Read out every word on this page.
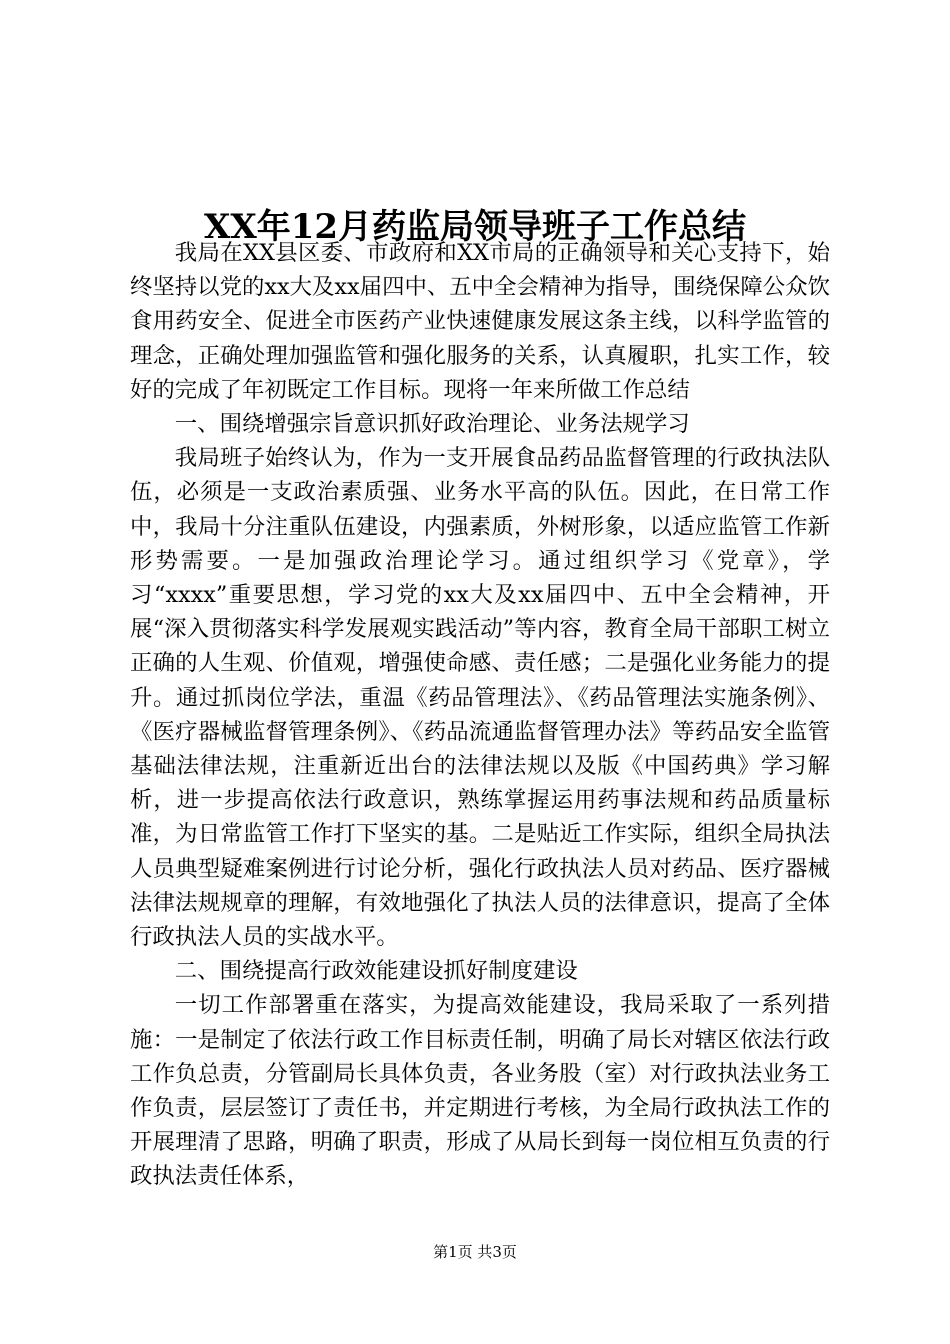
XX年12月药监局领导班子工作总结

我局在XX县区委、市政府和XX市局的正确领导和关心支持下，始终坚持以党的xx大及xx届四中、五中全会精神为指导，围绕保障公众饮食用药安全、促进全市医药产业快速健康发展这条主线，以科学监管的理念，正确处理加强监管和强化服务的关系，认真履职，扎实工作，较好的完成了年初既定工作目标。现将一年来所做工作总结

一、围绕增强宗旨意识抓好政治理论、业务法规学习

我局班子始终认为，作为一支开展食品药品监督管理的行政执法队伍，必须是一支政治素质强、业务水平高的队伍。因此，在日常工作中，我局十分注重队伍建设，内强素质，外树形象，以适应监管工作新形势需要。一是加强政治理论学习。通过组织学习《党章》，学习“xxxx”重要思想，学习党的xx大及xx届四中、五中全会精神，开展“深入贯彻落实科学发展观实践活动”等内容，教育全局干部职工树立正确的人生观、价值观，增强使命感、责任感；二是强化业务能力的提升。通过抓岗位学法，重温《药品管理法》、《药品管理法实施条例》、《医疗器械监督管理条例》、《药品流通监督管理办法》等药品安全监管基础法律法规，注重新近出台的法律法规以及版《中国药典》学习解析，进一步提高依法行政意识，熟练掌握运用药事法规和药品质量标准，为日常监管工作打下坚实的基。二是贴近工作实际，组织全局执法人员典型疑难案例进行讨论分析，强化行政执法人员对药品、医疗器械法律法规规章的理解，有效地强化了执法人员的法律意识，提高了全体行政执法人员的实战水平。

二、围绕提高行政效能建设抓好制度建设

一切工作部署重在落实，为提高效能建设，我局采取了一系列措施：一是制定了依法行政工作目标责任制，明确了局长对辖区依法行政工作负总责，分管副局长具体负责，各业务股（室）对行政执法业务工作负责，层层签订了责任书，并定期进行考核，为全局行政执法工作的开展理清了思路，明确了职责，形成了从局长到每一岗位相互负责的行政执法责任体系，

第1页 共3页
